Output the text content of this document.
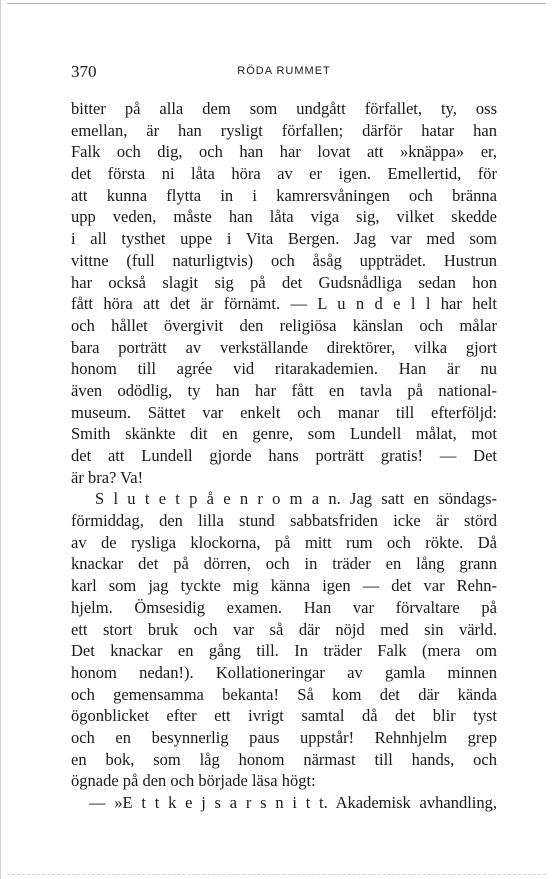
370	RÖDA RUMMET
bitter på alla dem som undgått förfallet, ty, oss
emellan, är han rysligt förfallen; därför hatar han
Falk och dig, och han har lovat att »knäppa» er,
det första ni låta höra av er igen. Emellertid, för
att kunna flytta in i kamrersvåningen och bränna
upp veden, måste han låta viga sig, vilket skedde
i all tysthet uppe i Vita Bergen. Jag var med som
vittne (full naturligtvis) och åsåg uppträdet. Hustrun
har också slagit sig på det Gudsnådliga sedan hon
fått höra att det är förnämt. — L u n d e l l har helt
och hållet övergivit den religiösa känslan och målar
bara porträtt av verkställande direktörer, vilka gjort
honom till agrée vid ritarakademien. Han är nu
även odödlig, ty han har fått en tavla på national-
museum. Sättet var enkelt och manar till efterföljd:
Smith skänkte dit en genre, som Lundell målat, mot
det att Lundell gjorde hans porträtt gratis! — Det
är bra? Va!
S l u t e t p å e n r o m a n. Jag satt en söndags-
förmiddag, den lilla stund sabbatsfriden icke är störd
av de rysliga klockorna, på mitt rum och rökte. Då
knackar det på dörren, och in träder en lång grann
karl som jag tyckte mig känna igen — det var Rehn-
hjelm. Ömsesidig examen. Han var förvaltare på
ett stort bruk och var så där nöjd med sin värld.
Det knackar en gång till. In träder Falk (mera om
honom nedan!). Kollationeringar av gamla minnen
och gemensamma bekanta! Så kom det där kända
ögonblicket efter ett ivrigt samtal då det blir tyst
och en besynnerlig paus uppstår! Rehnhjelm grep
en bok, som låg honom närmast till hands, och
ögnade på den och började läsa högt:
— »E t t k e j s a r s n i t t. Akademisk avhandling,
